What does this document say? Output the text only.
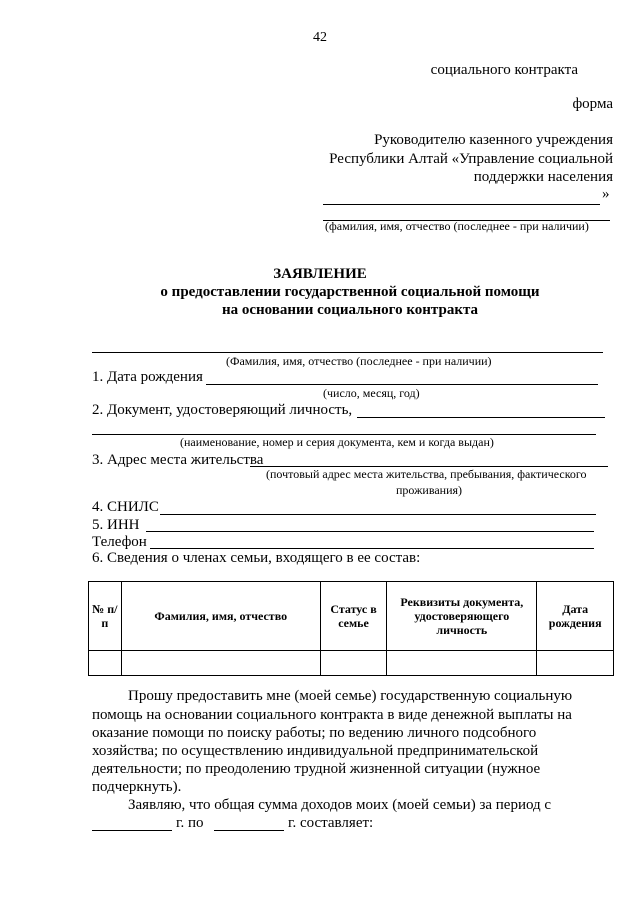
42
социального контракта
форма
Руководителю казенного учреждения
Республики Алтай «Управление социальной
поддержки населения
»
(фамилия, имя, отчество (последнее - при наличии)
ЗАЯВЛЕНИЕ
о предоставлении государственной социальной помощи
на основании социального контракта
(Фамилия, имя, отчество (последнее - при наличии)
1. Дата рождения
(число, месяц, год)
2. Документ, удостоверяющий личность,
(наименование, номер и серия документа, кем и когда выдан)
3. Адрес места жительства
(почтовый адрес места жительства, пребывания, фактического
проживания)
4. СНИЛС
5. ИНН
Телефон
6. Сведения о членах семьи, входящего в ее состав:
№ п/п	Фамилия, имя, отчество	Статус в семье	Реквизиты документа, удостоверяющего личность	Дата рождения

Прошу предоставить мне (моей семье) государственную социальную
помощь на основании социального контракта в виде денежной выплаты на
оказание помощи по поиску работы; по ведению личного подсобного
хозяйства; по осуществлению индивидуальной предпринимательской
деятельности; по преодолению трудной жизненной ситуации (нужное
подчеркнуть).
Заявляю, что общая сумма доходов моих (моей семьи) за период с
г. по	г. составляет:
